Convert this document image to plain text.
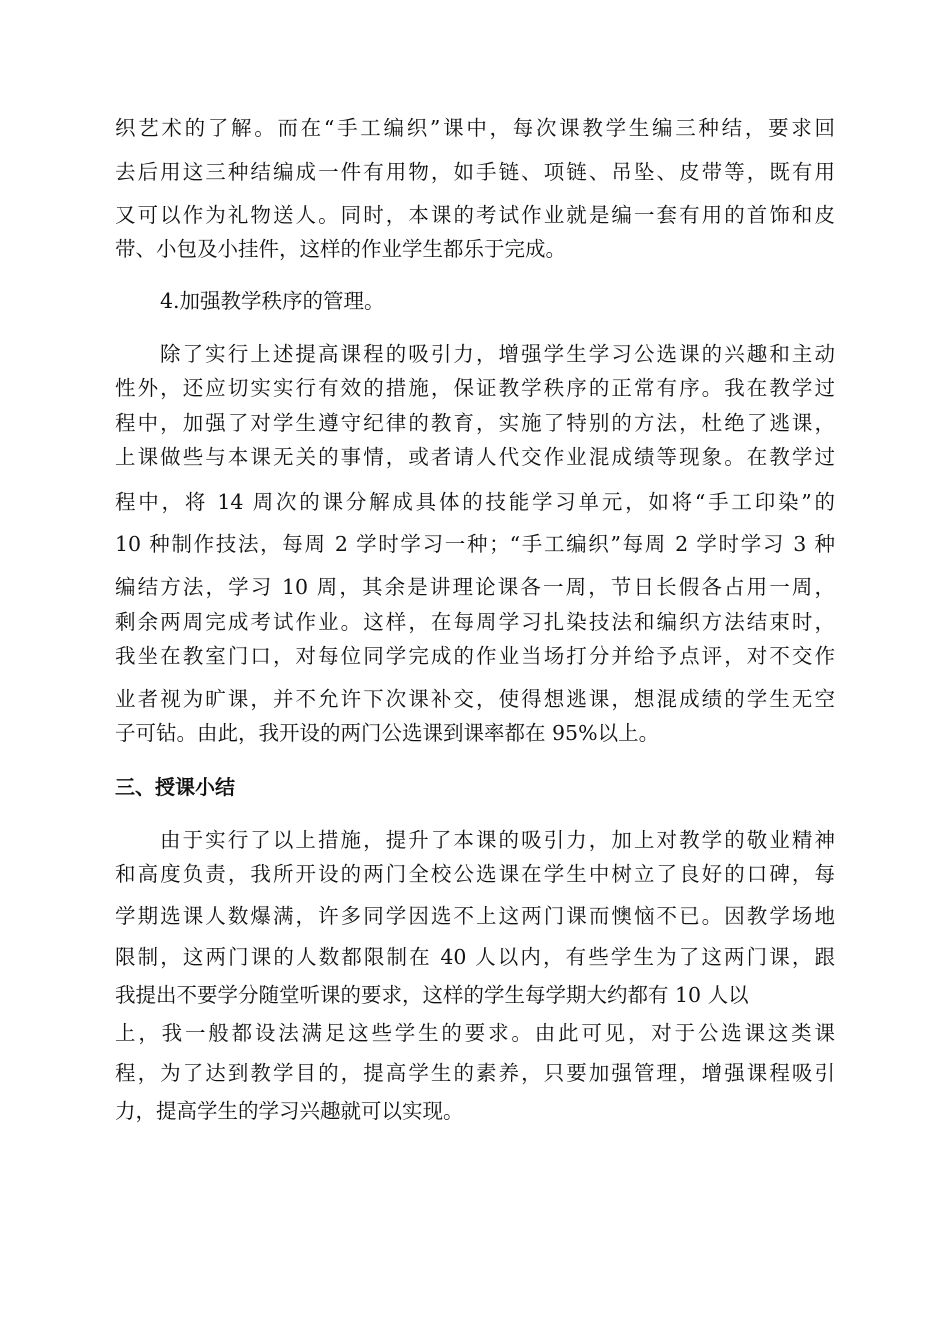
织艺术的了解。而在“手工编织”课中，每次课教学生编三种结，要求回
去后用这三种结编成一件有用物，如手链、项链、吊坠、皮带等，既有用
又可以作为礼物送人。同时，本课的考试作业就是编一套有用的首饰和皮
带、小包及小挂件，这样的作业学生都乐于完成。
4.加强教学秩序的管理。
除了实行上述提高课程的吸引力，增强学生学习公选课的兴趣和主动
性外，还应切实实行有效的措施，保证教学秩序的正常有序。我在教学过
程中，加强了对学生遵守纪律的教育，实施了特别的方法，杜绝了逃课，
上课做些与本课无关的事情，或者请人代交作业混成绩等现象。在教学过
程中，将 14 周次的课分解成具体的技能学习单元，如将“手工印染”的
10 种制作技法，每周 2 学时学习一种；“手工编织”每周 2 学时学习 3 种
编结方法，学习 10 周，其余是讲理论课各一周，节日长假各占用一周，
剩余两周完成考试作业。这样，在每周学习扎染技法和编织方法结束时，
我坐在教室门口，对每位同学完成的作业当场打分并给予点评，对不交作
业者视为旷课，并不允许下次课补交，使得想逃课，想混成绩的学生无空
子可钻。由此，我开设的两门公选课到课率都在 95%以上。
三、授课小结
由于实行了以上措施，提升了本课的吸引力，加上对教学的敬业精神
和高度负责，我所开设的两门全校公选课在学生中树立了良好的口碑，每
学期选课人数爆满，许多同学因选不上这两门课而懊恼不已。因教学场地
限制，这两门课的人数都限制在 40 人以内，有些学生为了这两门课，跟
我提出不要学分随堂听课的要求，这样的学生每学期大约都有 10 人以
上，我一般都设法满足这些学生的要求。由此可见，对于公选课这类课
程，为了达到教学目的，提高学生的素养，只要加强管理，增强课程吸引
力，提高学生的学习兴趣就可以实现。
